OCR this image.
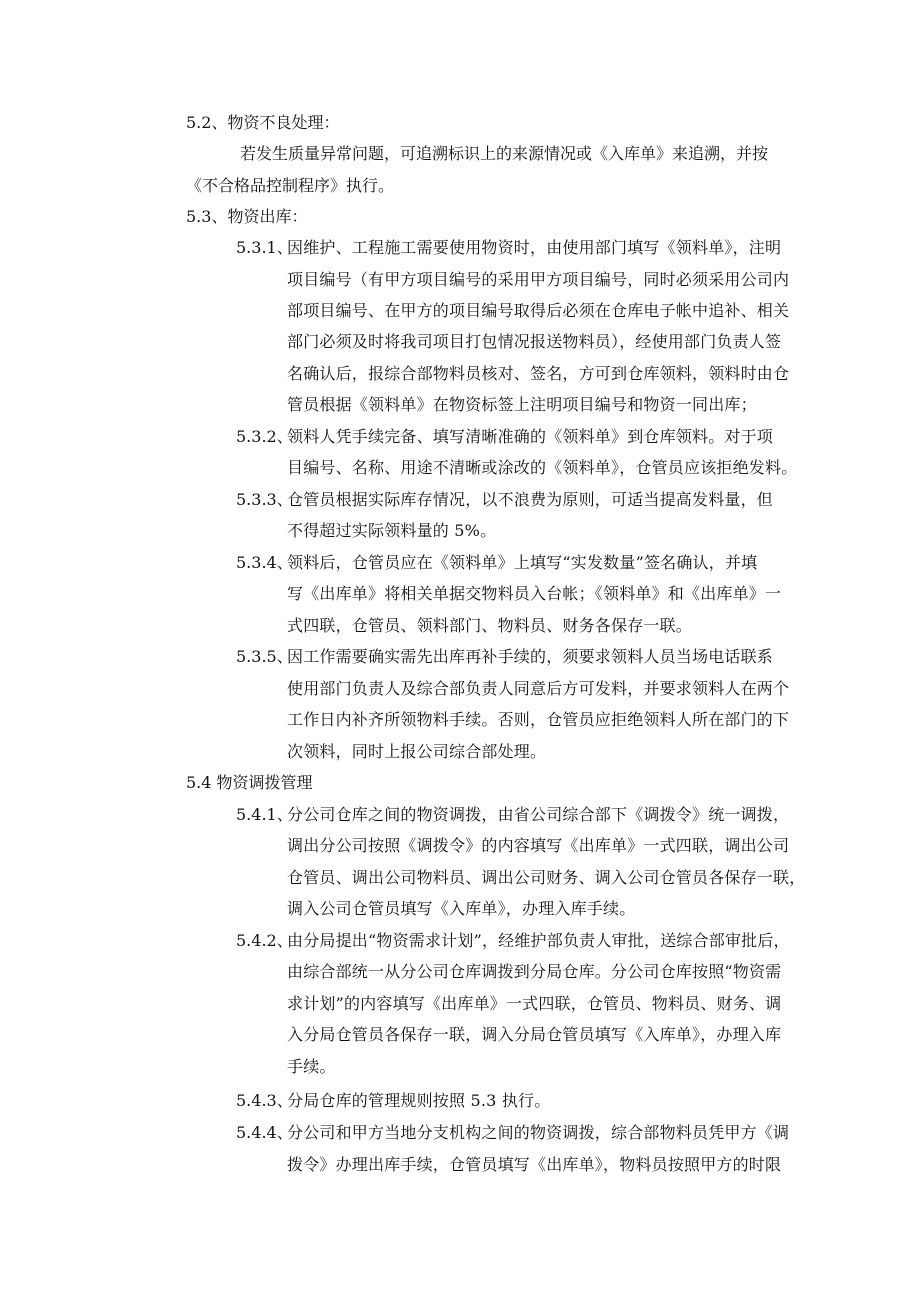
5.2、物资不良处理：
若发生质量异常问题，可追溯标识上的来源情况或《入库单》来追溯，并按
《不合格品控制程序》执行。
5.3、物资出库：
5.3.1、
因维护、工程施工需要使用物资时，由使用部门填写《领料单》，注明
项目编号（有甲方项目编号的采用甲方项目编号，同时必须采用公司内
部项目编号、在甲方的项目编号取得后必须在仓库电子帐中追补、相关
部门必须及时将我司项目打包情况报送物料员），经使用部门负责人签
名确认后，报综合部物料员核对、签名，方可到仓库领料，领料时由仓
管员根据《领料单》在物资标签上注明项目编号和物资一同出库；
5.3.2、
领料人凭手续完备、填写清晰准确的《领料单》到仓库领料。对于项
目编号、名称、用途不清晰或涂改的《领料单》，仓管员应该拒绝发料。
5.3.3、
仓管员根据实际库存情况，以不浪费为原则，可适当提高发料量，但
不得超过实际领料量的 5%。
5.3.4、
领料后，仓管员应在《领料单》上填写“实发数量”签名确认，并填
写《出库单》将相关单据交物料员入台帐；《领料单》和《出库单》一
式四联，仓管员、领料部门、物料员、财务各保存一联。
5.3.5、
因工作需要确实需先出库再补手续的，须要求领料人员当场电话联系
使用部门负责人及综合部负责人同意后方可发料，并要求领料人在两个
工作日内补齐所领物料手续。否则，仓管员应拒绝领料人所在部门的下
次领料，同时上报公司综合部处理。
5.4 物资调拨管理
5.4.1、
分公司仓库之间的物资调拨，由省公司综合部下《调拨令》统一调拨，
调出分公司按照《调拨令》的内容填写《出库单》一式四联，调出公司
仓管员、调出公司物料员、调出公司财务、调入公司仓管员各保存一联，
调入公司仓管员填写《入库单》，办理入库手续。
5.4.2、
由分局提出“物资需求计划”，经维护部负责人审批，送综合部审批后，
由综合部统一从分公司仓库调拨到分局仓库。分公司仓库按照“物资需
求计划”的内容填写《出库单》一式四联，仓管员、物料员、财务、调
入分局仓管员各保存一联，调入分局仓管员填写《入库单》，办理入库
手续。
5.4.3、
分局仓库的管理规则按照 5.3 执行。
5.4.4、
分公司和甲方当地分支机构之间的物资调拨，综合部物料员凭甲方《调
拨令》办理出库手续，仓管员填写《出库单》，物料员按照甲方的时限
